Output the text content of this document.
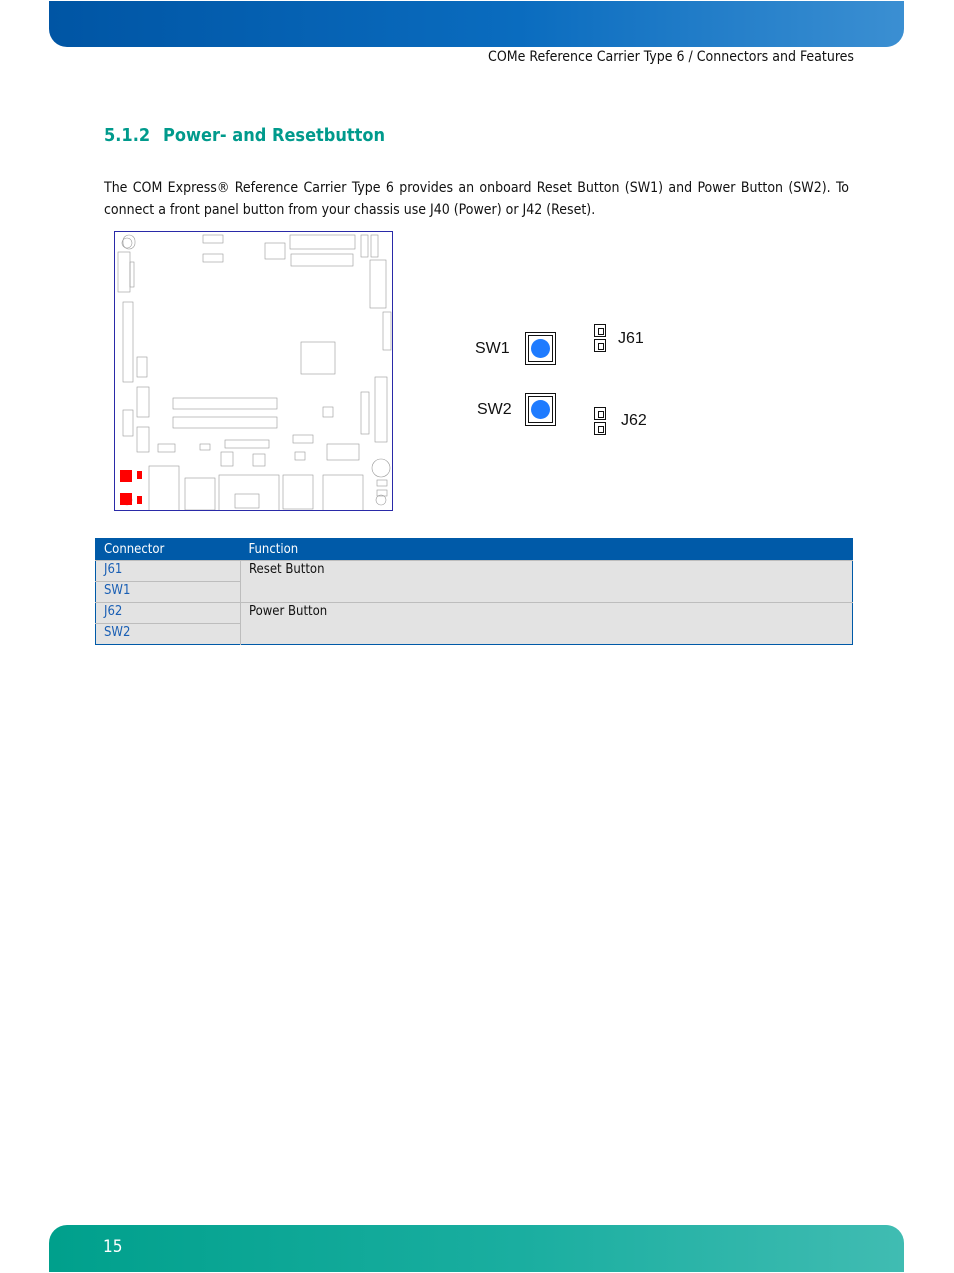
COMe Reference Carrier Type 6 / Connectors and Features
5.1.2 Power- and Resetbutton

The COM Express® Reference Carrier Type 6 provides an onboard Reset Button (SW1) and Power Button (SW2). To connect a front panel button from your chassis use J40 (Power) or J42 (Reset).

SW1
J61
SW2
J62
Connector	Function
J61	Reset Button
SW1	
J62	Power Button
SW2	
15
